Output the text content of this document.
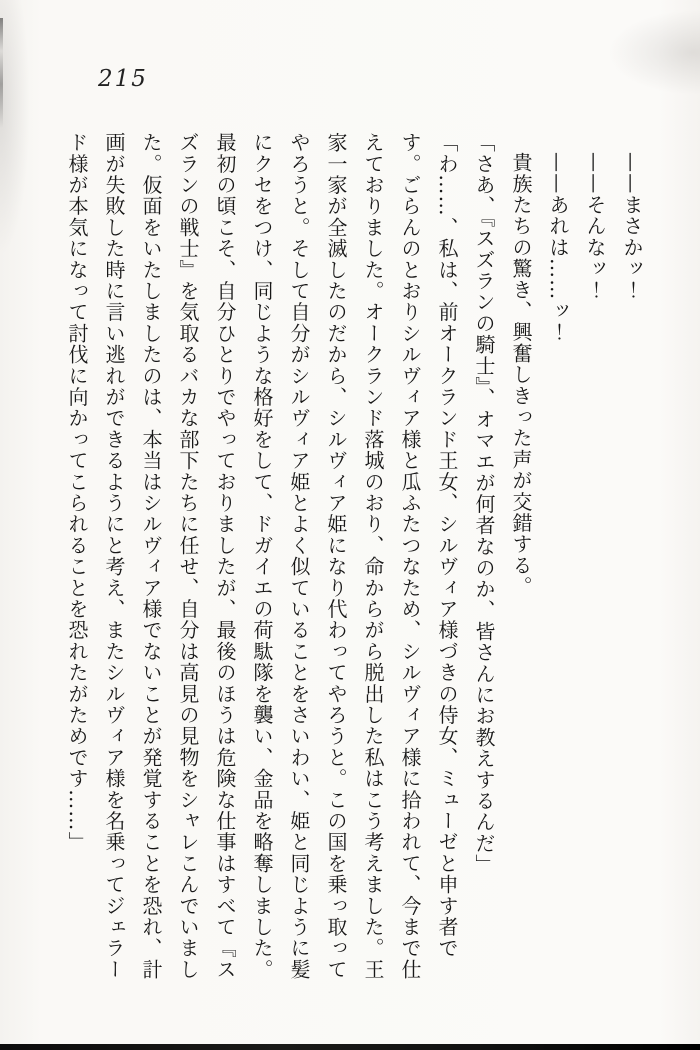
215

——まさかッ！

——そんなッ！

——あれは……ッ！

貴族たちの驚き、興奮しきった声が交錯する。

「さあ、『スズランの騎士』、オマエが何者なのか、皆さんにお教えするんだ」

「わ……、私は、前オークランド王女、シルヴィア様づきの侍女、ミューゼと申す者です。ごらんのとおりシルヴィア様と瓜ふたつなため、シルヴィア様に拾われて、今まで仕えておりました。オークランド落城のおり、命からがら脱出した私はこう考えました。王家一家が全滅したのだから、シルヴィア姫になり代わってやろうと。この国を乗っ取ってやろうと。そして自分がシルヴィア姫とよく似ていることをさいわい、姫と同じように髪にクセをつけ、同じような格好をして、ドガイエの荷駄隊を襲い、金品を略奪しました。最初の頃こそ、自分ひとりでやっておりましたが、最後のほうは危険な仕事はすべて『スズランの戦士』を気取るバカな部下たちに任せ、自分は高見の見物をシャレこんでいました。仮面をいたしましたのは、本当はシルヴィア様でないことが発覚することを恐れ、計画が失敗した時に言い逃れができるようにと考え、またシルヴィア様を名乗ってジェラード様が本気になって討伐に向かってこられることを恐れたがためです……」
